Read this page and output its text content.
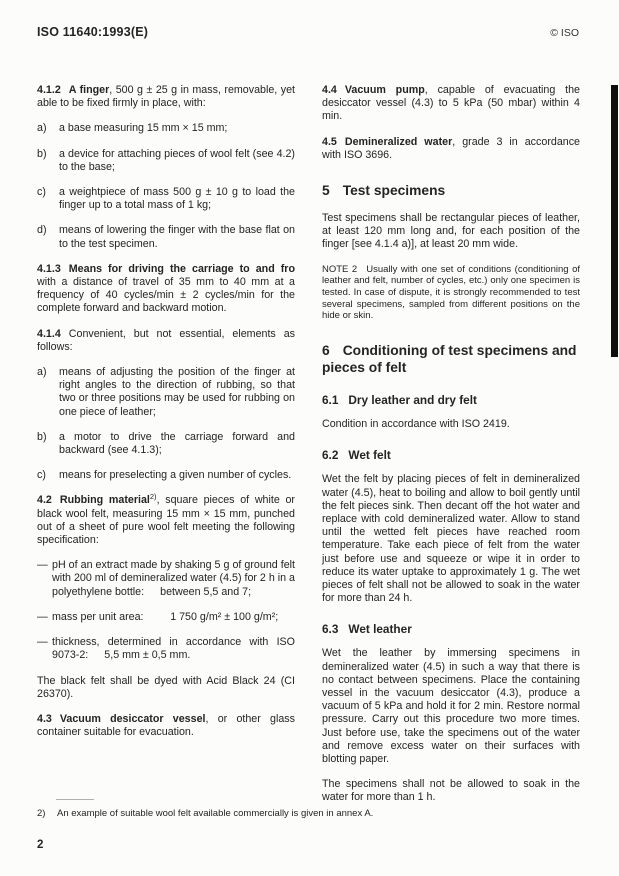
ISO 11640:1993(E)	© ISO

4.1.2 A finger, 500 g ± 25 g in mass, removable, yet able to be fixed firmly in place, with:

a)	a base measuring 15 mm × 15 mm;
b)	a device for attaching pieces of wool felt (see 4.2) to the base;
c)	a weightpiece of mass 500 g ± 10 g to load the finger up to a total mass of 1 kg;
d)	means of lowering the finger with the base flat on to the test specimen.

4.1.3 Means for driving the carriage to and fro with a distance of travel of 35 mm to 40 mm at a frequency of 40 cycles/min ± 2 cycles/min for the complete forward and backward motion.

4.1.4 Convenient, but not essential, elements as follows:

a)	means of adjusting the position of the finger at right angles to the direction of rubbing, so that two or three positions may be used for rubbing on one piece of leather;
b)	a motor to drive the carriage forward and backward (see 4.1.3);
c)	means for preselecting a given number of cycles.

4.2 Rubbing material$^{2)}$, square pieces of white or black wool felt, measuring 15 mm × 15 mm, punched out of a sheet of pure wool felt meeting the following specification:

— pH of an extract made by shaking 5 g of ground felt with 200 ml of demineralized water (4.5) for 2 h in a polyethylene bottle:  between 5,5 and 7;
— mass per unit area:   1 750 g/m² ± 100 g/m²;
— thickness, determined in accordance with ISO 9073-2:  5,5 mm ± 0,5 mm.

The black felt shall be dyed with Acid Black 24 (CI 26370).

4.3 Vacuum desiccator vessel, or other glass container suitable for evacuation.

4.4 Vacuum pump, capable of evacuating the desiccator vessel (4.3) to 5 kPa (50 mbar) within 4 min.

4.5 Demineralized water, grade 3 in accordance with ISO 3696.

5 Test specimens

Test specimens shall be rectangular pieces of leather, at least 120 mm long and, for each position of the finger [see 4.1.4 a)], at least 20 mm wide.

NOTE 2 Usually with one set of conditions (conditioning of leather and felt, number of cycles, etc.) only one specimen is tested. In case of dispute, it is strongly recommended to test several specimens, sampled from different positions on the hide or skin.

6 Conditioning of test specimens and pieces of felt

6.1 Dry leather and dry felt

Condition in accordance with ISO 2419.

6.2 Wet felt

Wet the felt by placing pieces of felt in demineralized water (4.5), heat to boiling and allow to boil gently until the felt pieces sink. Then decant off the hot water and replace with cold demineralized water. Allow to stand until the wetted felt pieces have reached room temperature. Take each piece of felt from the water just before use and squeeze or wipe it in order to reduce its water uptake to approximately 1 g. The wet pieces of felt shall not be allowed to soak in the water for more than 24 h.

6.3 Wet leather

Wet the leather by immersing specimens in demineralized water (4.5) in such a way that there is no contact between specimens. Place the containing vessel in the vacuum desiccator (4.3), produce a vacuum of 5 kPa and hold it for 2 min. Restore normal pressure. Carry out this procedure two more times. Just before use, take the specimens out of the water and remove excess water on their surfaces with blotting paper.

The specimens shall not be allowed to soak in the water for more than 1 h.

2)	An example of suitable wool felt available commercially is given in annex A.
2
